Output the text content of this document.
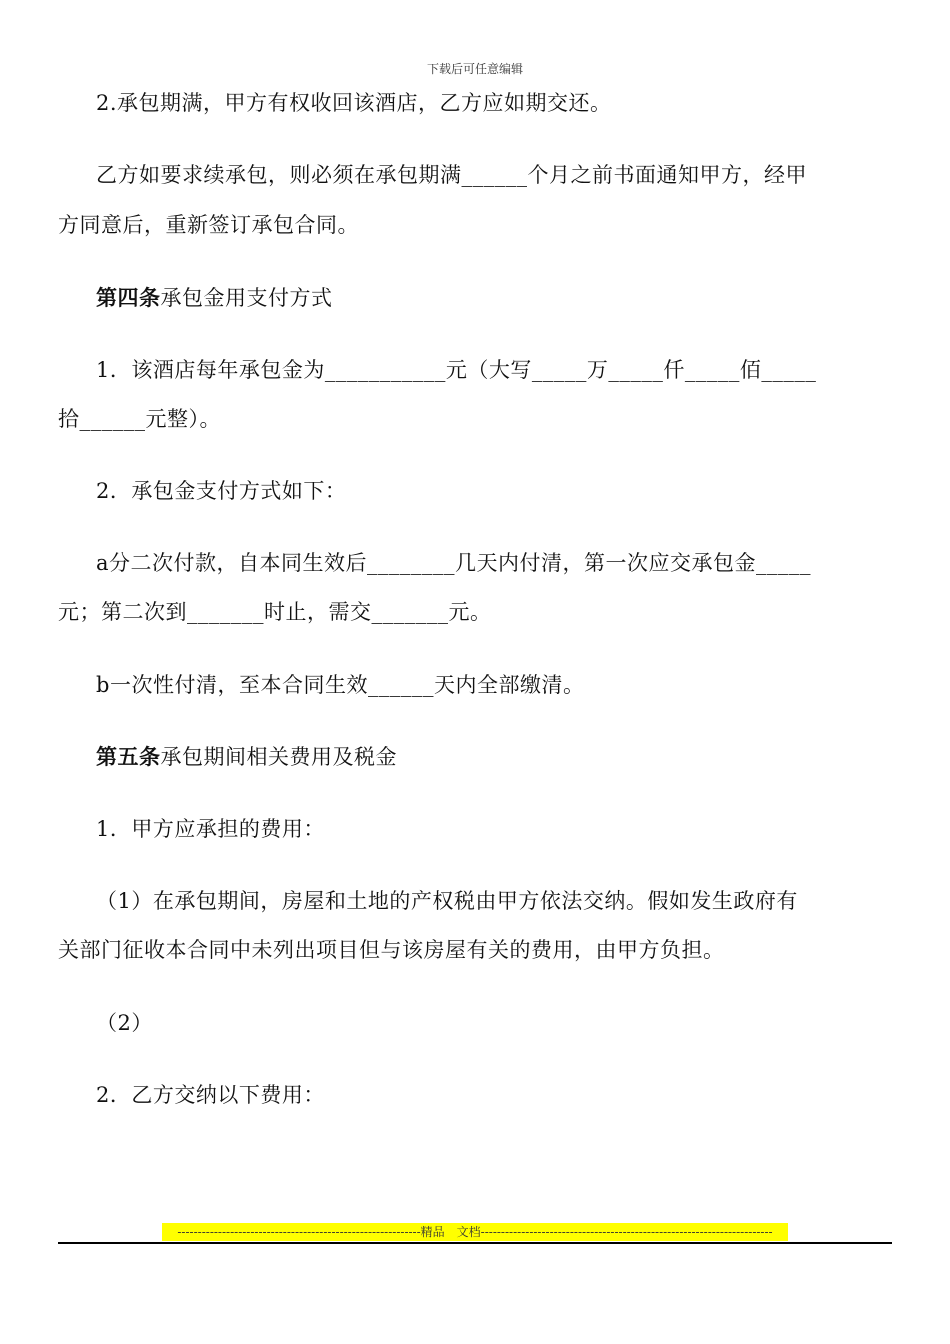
下载后可任意编辑
2.承包期满，甲方有权收回该酒店，乙方应如期交还。
乙方如要求续承包，则必须在承包期满______个月之前书面通知甲方，经甲
方同意后，重新签订承包合同。
第四条承包金用支付方式
1．该酒店每年承包金为___________元（大写_____万_____仟_____佰_____
拾______元整）。
2．承包金支付方式如下：
a分二次付款，自本同生效后________几天内付清，第一次应交承包金_____
元；第二次到_______时止，需交_______元。
b一次性付清，至本合同生效______天内全部缴清。
第五条承包期间相关费用及税金
1．甲方应承担的费用：
（1）在承包期间，房屋和土地的产权税由甲方依法交纳。假如发生政府有
关部门征收本合同中未列出项目但与该房屋有关的费用，由甲方负担。
（2）
2．乙方交纳以下费用：
------------------------------------------------------------精品　文档------------------------------------------------------------------------
